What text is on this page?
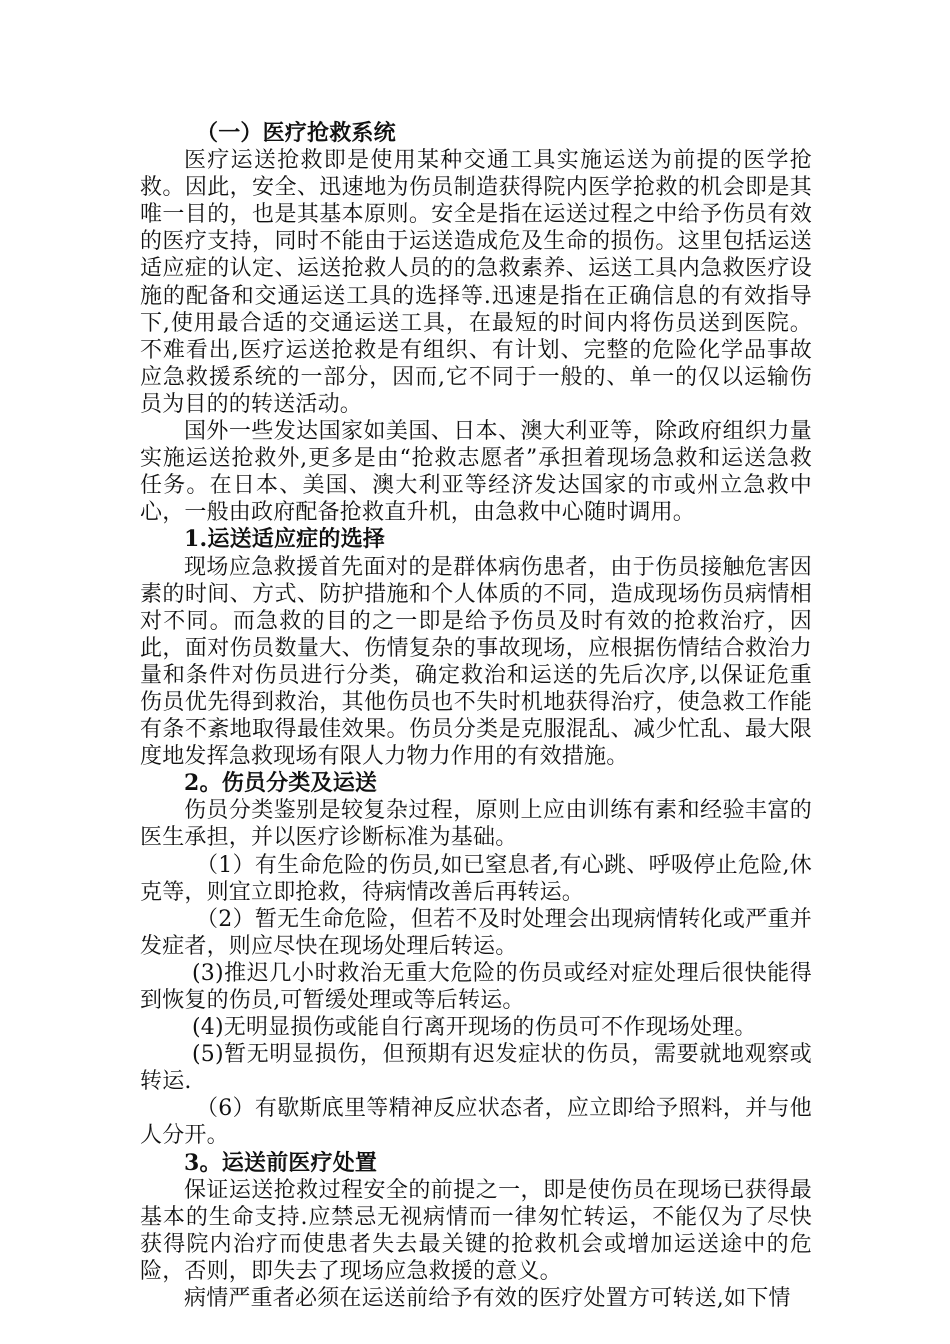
（一）医疗抢救系统

医疗运送抢救即是使用某种交通工具实施运送为前提的医学抢救。因此，安全、迅速地为伤员制造获得院内医学抢救的机会即是其唯一目的，也是其基本原则。安全是指在运送过程之中给予伤员有效的医疗支持，同时不能由于运送造成危及生命的损伤。这里包括运送适应症的认定、运送抢救人员的的急救素养、运送工具内急救医疗设施的配备和交通运送工具的选择等.迅速是指在正确信息的有效指导下,使用最合适的交通运送工具，在最短的时间内将伤员送到医院。不难看出,医疗运送抢救是有组织、有计划、完整的危险化学品事故应急救援系统的一部分，因而,它不同于一般的、单一的仅以运输伤员为目的的转送活动。

国外一些发达国家如美国、日本、澳大利亚等，除政府组织力量实施运送抢救外,更多是由“抢救志愿者”承担着现场急救和运送急救任务。在日本、美国、澳大利亚等经济发达国家的市或州立急救中心，一般由政府配备抢救直升机，由急救中心随时调用。

1.运送适应症的选择

现场应急救援首先面对的是群体病伤患者，由于伤员接触危害因素的时间、方式、防护措施和个人体质的不同，造成现场伤员病情相对不同。而急救的目的之一即是给予伤员及时有效的抢救治疗，因此，面对伤员数量大、伤情复杂的事故现场，应根据伤情结合救治力量和条件对伤员进行分类，确定救治和运送的先后次序,以保证危重伤员优先得到救治，其他伤员也不失时机地获得治疗，使急救工作能有条不紊地取得最佳效果。伤员分类是克服混乱、减少忙乱、最大限度地发挥急救现场有限人力物力作用的有效措施。

2。伤员分类及运送

伤员分类鉴别是较复杂过程，原则上应由训练有素和经验丰富的医生承担，并以医疗诊断标准为基础。

（1）有生命危险的伤员,如已窒息者,有心跳、呼吸停止危险,休克等，则宜立即抢救，待病情改善后再转运。

（2）暂无生命危险，但若不及时处理会出现病情转化或严重并发症者，则应尽快在现场处理后转运。

(3)推迟几小时救治无重大危险的伤员或经对症处理后很快能得到恢复的伤员,可暂缓处理或等后转运。

(4)无明显损伤或能自行离开现场的伤员可不作现场处理。

(5)暂无明显损伤，但预期有迟发症状的伤员，需要就地观察或转运.

（6）有歇斯底里等精神反应状态者，应立即给予照料，并与他人分开。

3。运送前医疗处置

保证运送抢救过程安全的前提之一，即是使伤员在现场已获得最基本的生命支持.应禁忌无视病情而一律匆忙转运，不能仅为了尽快获得院内治疗而使患者失去最关键的抢救机会或增加运送途中的危险，否则，即失去了现场应急救援的意义。

病情严重者必须在运送前给予有效的医疗处置方可转送,如下情
